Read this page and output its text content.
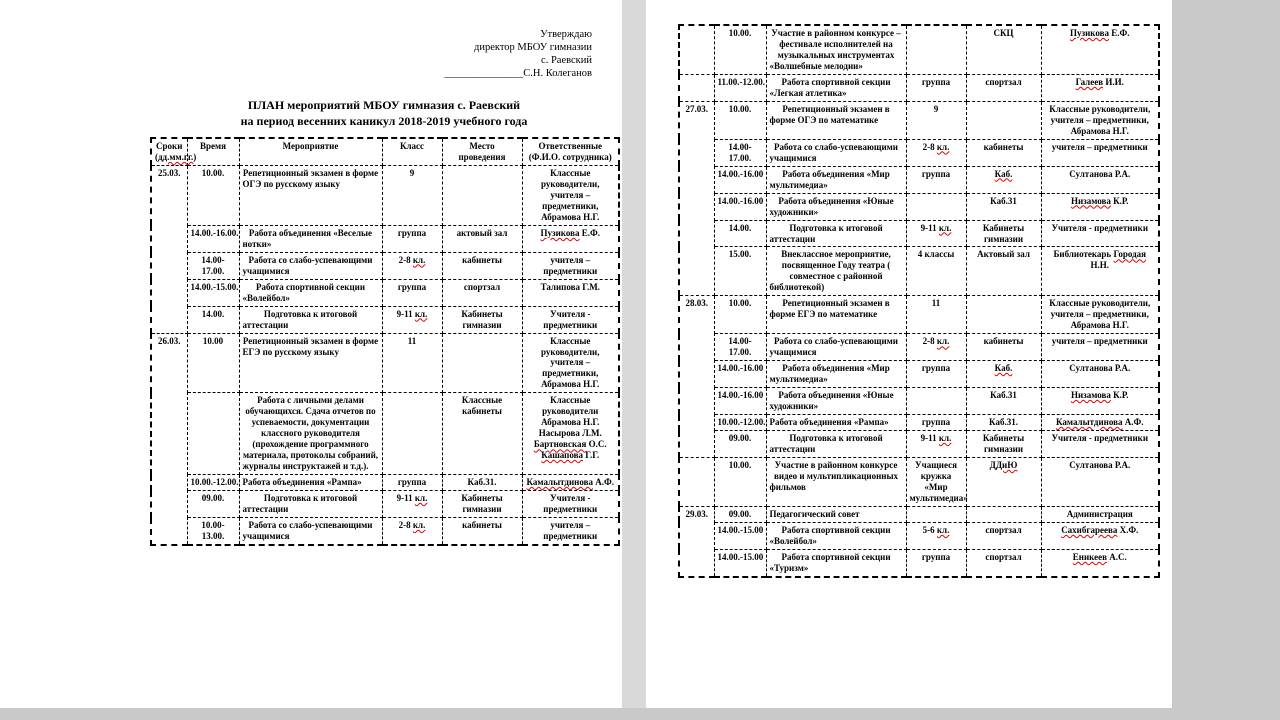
Утверждаю
директор МБОУ гимназии
с. Раевский
_______________С.Н. Колеганов
ПЛАН мероприятий МБОУ гимназия с. Раевский
на период весенних каникул 2018-2019 учебного года
Сроки (дд.мм.гг.)	Время	Мероприятие	Класс	Место проведения	Ответственные (Ф.И.О. сотрудника)
25.03.	10.00.	Репетиционный экзамен в форме ОГЭ по русскому языку	9		Классные руководители, учителя – предметники, Абрамова Н.Г.
	14.00.-16.00.	Работа объединения «Веселые нотки»	группа	актовый зал	Пузикова Е.Ф.
	14.00-17.00.	Работа со слабо-успевающими учащимися	2-8 кл.	кабинеты	учителя – предметники
	14.00.-15.00.	Работа спортивной секции «Волейбол»	группа	спортзал	Талипова Г.М.
	14.00.	Подготовка к итоговой аттестации	9-11 кл.	Кабинеты гимназии	Учителя - предметники
26.03.	10.00	Репетиционный экзамен в форме ЕГЭ по русскому языку	11		Классные руководители, учителя – предметники, Абрамова Н.Г.
		Работа с личными делами обучающихся. Сдача отчетов по успеваемости, документации классного руководителя (прохождение программного материала, протоколы собраний, журналы инструктажей и т.д.).		Классные кабинеты	Классные руководители Абрамова Н.Г. Насырова Л.М. Бартновская О.С. Кашапова Г.Г.
	10.00.-12.00.	Работа объединения «Рампа»	группа	Каб.31.	Камалытдинова А.Ф.
	09.00.	Подготовка к итоговой аттестации	9-11 кл.	Кабинеты гимназии	Учителя - предметники
	10.00-13.00.	Работа со слабо-успевающими учащимися	2-8 кл.	кабинеты	учителя – предметники
	10.00.	Участие в районном конкурсе – фестивале исполнителей на музыкальных инструментах «Волшебные мелодии»		СКЦ	Пузикова Е.Ф.
	11.00.-12.00.	Работа спортивной секции «Легкая атлетика»	группа	спортзал	Галеев И.И.
27.03.	10.00.	Репетиционный экзамен в форме ОГЭ по математике	9		Классные руководители, учителя – предметники, Абрамова Н.Г.
	14.00-17.00.	Работа со слабо-успевающими учащимися	2-8 кл.	кабинеты	учителя – предметники
	14.00.-16.00	Работа объединения «Мир мультимедиа»	группа	Каб.	Султанова Р.А.
	14.00.-16.00	Работа объединения «Юные художники»		Каб.31	Низамова К.Р.
	14.00.	Подготовка к итоговой аттестации	9-11 кл.	Кабинеты гимназии	Учителя - предметники
	15.00.	Внеклассное мероприятие, посвященное Году театра ( совместное с районной библиотекой)	4 классы	Актовый зал	Библиотекарь Городая Н.Н.
28.03.	10.00.	Репетиционный экзамен в форме ЕГЭ по математике	11		Классные руководители, учителя – предметники, Абрамова Н.Г.
	14.00-17.00.	Работа со слабо-успевающими учащимися	2-8 кл.	кабинеты	учителя – предметники
	14.00.-16.00	Работа объединения «Мир мультимедиа»	группа	Каб.	Султанова Р.А.
	14.00.-16.00	Работа объединения «Юные художники»		Каб.31	Низамова К.Р.
	10.00.-12.00.	Работа объединения «Рампа»	группа	Каб.31.	Камалытдинова А.Ф.
	09.00.	Подготовка к итоговой аттестации	9-11 кл.	Кабинеты гимназии	Учителя - предметники
	10.00.	Участие в районном конкурсе видео и мультипликационных фильмов	Учащиеся кружка «Мир мультимедиа»	ДДиЮ	Султанова Р.А.
29.03.	09.00.	Педагогический совет			Администрация
	14.00.-15.00	Работа спортивной секции «Волейбол»	5-6 кл.	спортзал	Сахибгареева Х.Ф.
	14.00.-15.00	Работа спортивной секции «Туризм»	группа	спортзал	Еникеев А.С.
